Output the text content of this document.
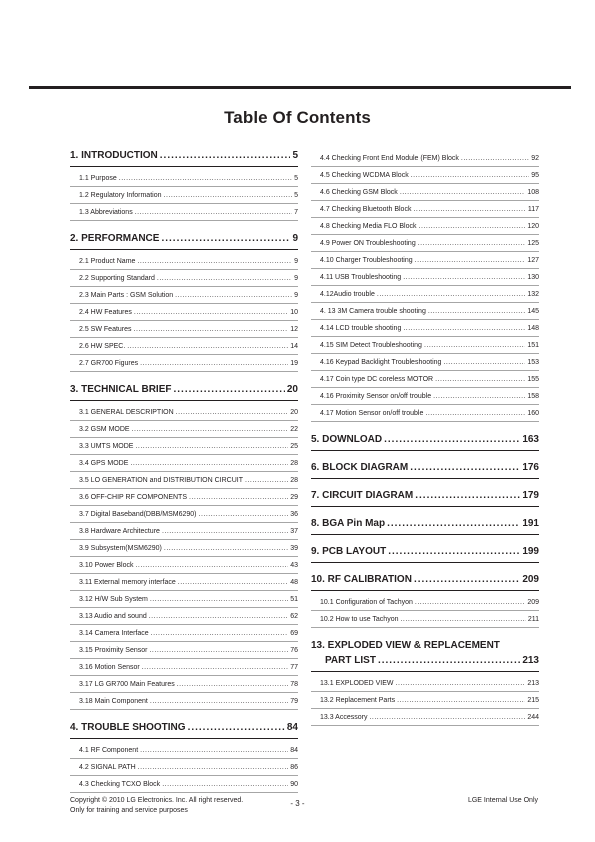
Table Of Contents
1. INTRODUCTION .....	5
1.1 Purpose .....	5
1.2 Regulatory Information .....	5
1.3 Abbreviations .....	7
2. PERFORMANCE .....	9
2.1 Product Name .....	9
2.2 Supporting Standard .....	9
2.3 Main Parts : GSM Solution .....	9
2.4 HW Features .....	10
2.5 SW Features .....	12
2.6 HW SPEC. .....	14
2.7 GR700 Figures .....	19
3. TECHNICAL BRIEF .....	20
3.1 GENERAL DESCRIPTION .....	20
3.2 GSM MODE .....	22
3.3 UMTS MODE .....	25
3.4 GPS MODE .....	28
3.5 LO GENERATION and DISTRIBUTION CIRCUIT .....	28
3.6 OFF-CHIP RF COMPONENTS .....	29
3.7 Digital Baseband(DBB/MSM6290) .....	36
3.8 Hardware Architecture .....	37
3.9 Subsystem(MSM6290) .....	39
3.10 Power Block .....	43
3.11 External memory interface .....	48
3.12 H/W Sub System .....	51
3.13 Audio and sound .....	62
3.14 Camera Interface .....	69
3.15 Proximity Sensor .....	76
3.16 Motion Sensor .....	77
3.17 LG GR700 Main Features .....	78
3.18 Main Component .....	79
4. TROUBLE SHOOTING .....	84
4.1 RF Component .....	84
4.2 SIGNAL PATH .....	86
4.3 Checking TCXO Block .....	90
4.4 Checking Front End Module (FEM) Block .....	92
4.5 Checking WCDMA Block .....	95
4.6 Checking GSM Block .....	108
4.7 Checking Bluetooth Block .....	117
4.8 Checking Media FLO Block .....	120
4.9 Power ON Troubleshooting .....	125
4.10 Charger Troubleshooting .....	127
4.11 USB Troubleshooting .....	130
4.12Audio trouble .....	132
4. 13 3M Camera trouble shooting .....	145
4.14 LCD trouble shooting .....	148
4.15 SIM Detect Troubleshooting .....	151
4.16 Keypad Backlight Troubleshooting .....	153
4.17 Coin type DC coreless MOTOR .....	155
4.16 Proximity Sensor on/off trouble .....	158
4.17 Motion Sensor on/off trouble .....	160
5. DOWNLOAD .....	163
6. BLOCK DIAGRAM .....	176
7. CIRCUIT DIAGRAM .....	179
8. BGA Pin Map .....	191
9. PCB LAYOUT .....	199
10. RF CALIBRATION .....	209
10.1 Configuration of Tachyon .....	209
10.2 How to use Tachyon .....	211
13. EXPLODED VIEW & REPLACEMENT
PART LIST .....	213
13.1 EXPLODED VIEW .....	213
13.2 Replacement Parts .....	215
13.3 Accessory .....	244
Copyright © 2010 LG Electronics. Inc. All right reserved.
Only for training and service purposes
- 3 -	LGE Internal Use Only
